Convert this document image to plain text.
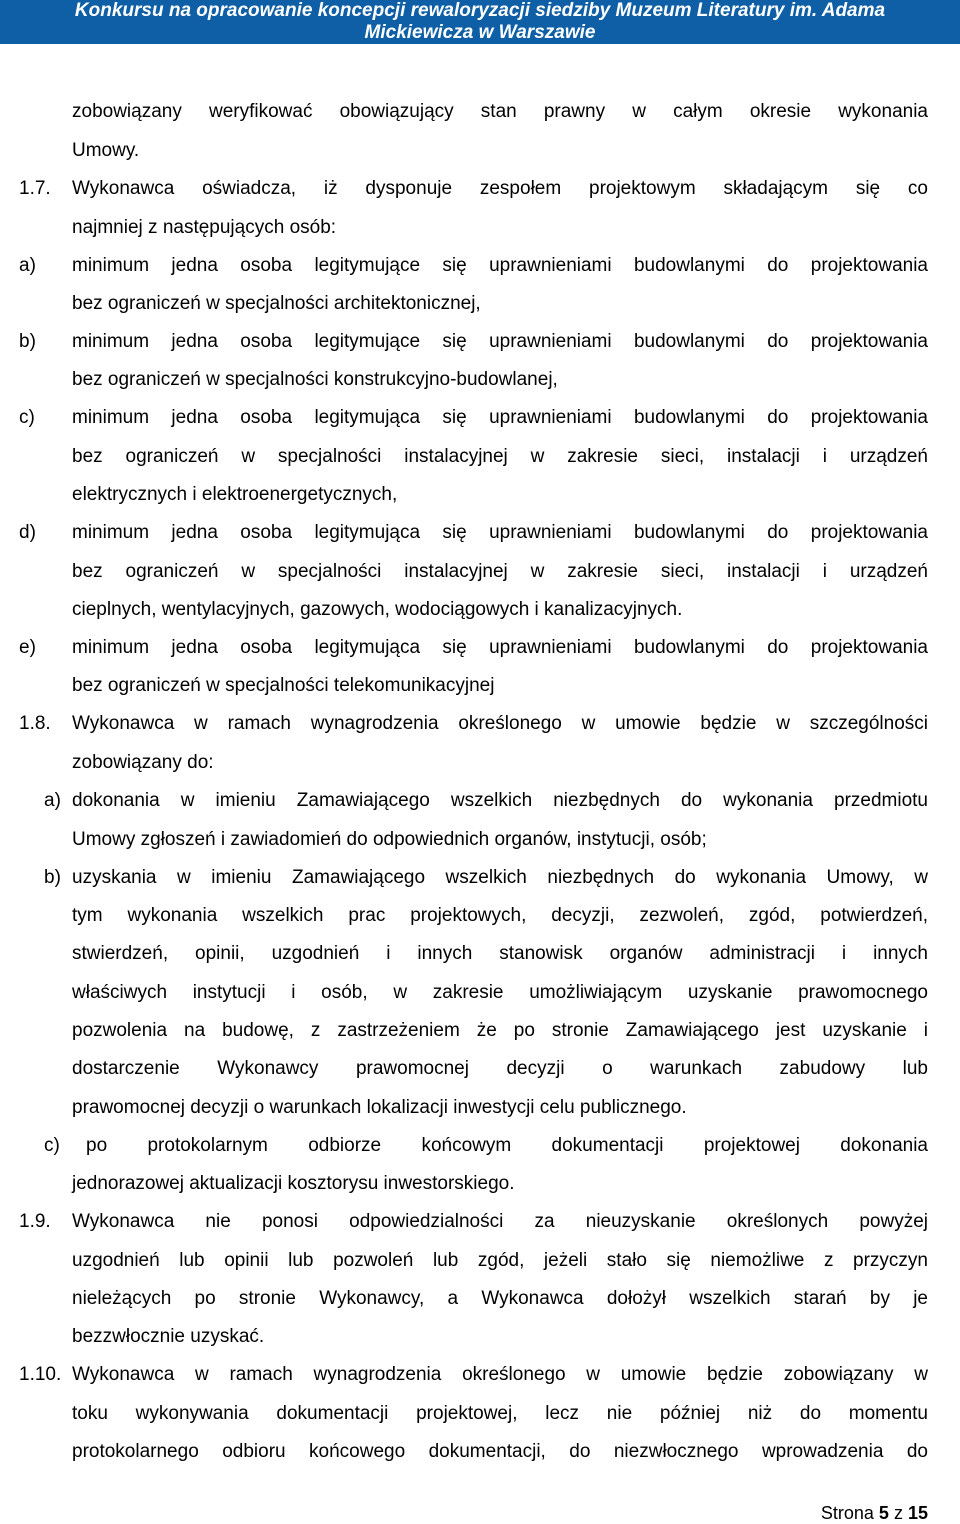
Konkursu na opracowanie koncepcji rewaloryzacji siedziby Muzeum Literatury im. Adama
Mickiewicza w Warszawie
1.7.
a)
b)
c)
d)
e)
1.8.
a)
b)
c)
1.9.
1.10.
zobowiązany weryfikować obowiązujący stan prawny w całym okresie wykonania
Umowy.
Wykonawca oświadcza, iż dysponuje zespołem projektowym składającym się co
najmniej z następujących osób:
minimum jedna osoba legitymujące się uprawnieniami budowlanymi do projektowania
bez ograniczeń w specjalności architektonicznej,
minimum jedna osoba legitymujące się uprawnieniami budowlanymi do projektowania
bez ograniczeń w specjalności konstrukcyjno-budowlanej,
minimum jedna osoba legitymująca się uprawnieniami budowlanymi do projektowania
bez ograniczeń w specjalności instalacyjnej w zakresie sieci, instalacji i urządzeń
elektrycznych i elektroenergetycznych,
minimum jedna osoba legitymująca się uprawnieniami budowlanymi do projektowania
bez ograniczeń w specjalności instalacyjnej w zakresie sieci, instalacji i urządzeń
cieplnych, wentylacyjnych, gazowych, wodociągowych i kanalizacyjnych.
minimum jedna osoba legitymująca się uprawnieniami budowlanymi do projektowania
bez ograniczeń w specjalności telekomunikacyjnej
Wykonawca w ramach wynagrodzenia określonego w umowie będzie w szczególności
zobowiązany do:
dokonania w imieniu Zamawiającego wszelkich niezbędnych do wykonania przedmiotu
Umowy zgłoszeń i zawiadomień do odpowiednich organów, instytucji, osób;
uzyskania w imieniu Zamawiającego wszelkich niezbędnych do wykonania Umowy, w
tym wykonania wszelkich prac projektowych, decyzji, zezwoleń, zgód, potwierdzeń,
stwierdzeń, opinii, uzgodnień i innych stanowisk organów administracji i innych
właściwych instytucji i osób, w zakresie umożliwiającym uzyskanie prawomocnego
pozwolenia na budowę, z zastrzeżeniem że po stronie Zamawiającego jest uzyskanie i
dostarczenie Wykonawcy prawomocnej decyzji o warunkach zabudowy lub
prawomocnej decyzji o warunkach lokalizacji inwestycji celu publicznego.
po protokolarnym odbiorze końcowym dokumentacji projektowej dokonania
jednorazowej aktualizacji kosztorysu inwestorskiego.
Wykonawca nie ponosi odpowiedzialności za nieuzyskanie określonych powyżej
uzgodnień lub opinii lub pozwoleń lub zgód, jeżeli stało się niemożliwe z przyczyn
nieleżących po stronie Wykonawcy, a Wykonawca dołożył wszelkich starań by je
bezzwłocznie uzyskać.
Wykonawca w ramach wynagrodzenia określonego w umowie będzie zobowiązany w
toku wykonywania dokumentacji projektowej, lecz nie później niż do momentu
protokolarnego odbioru końcowego dokumentacji, do niezwłocznego wprowadzenia do
Strona 5 z 15
